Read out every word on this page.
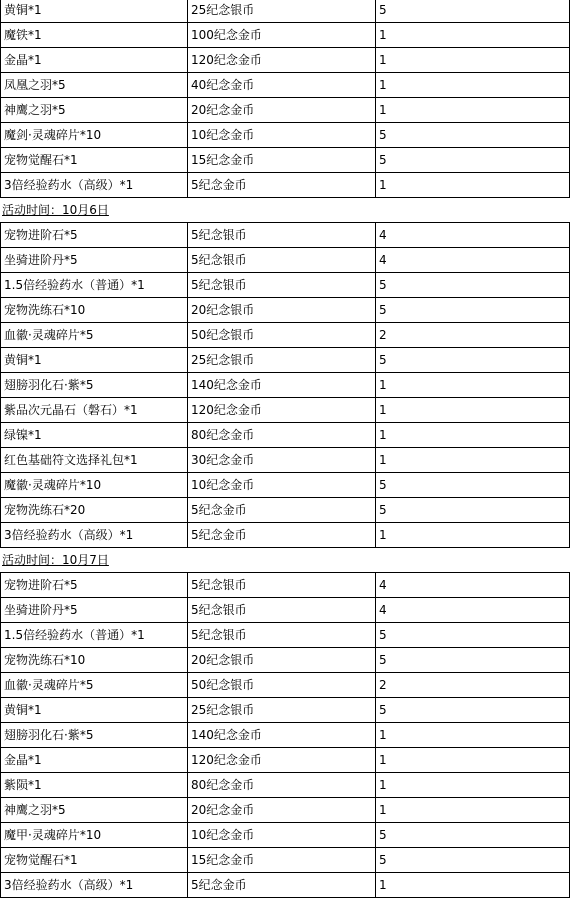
黄铜*1	25纪念银币	5
魔铁*1	100纪念金币	1
金晶*1	120纪念金币	1
凤凰之羽*5	40纪念金币	1
神鹰之羽*5	20纪念金币	1
魔剑·灵魂碎片*10	10纪念金币	5
宠物觉醒石*1	15纪念金币	5
3倍经验药水（高级）*1	5纪念金币	1
活动时间：10月6日
宠物进阶石*5	5纪念银币	4
坐骑进阶丹*5	5纪念银币	4
1.5倍经验药水（普通）*1	5纪念银币	5
宠物洗练石*10	20纪念银币	5
血徽·灵魂碎片*5	50纪念银币	2
黄铜*1	25纪念银币	5
翅膀羽化石·紫*5	140纪念金币	1
紫品次元晶石（磐石）*1	120纪念金币	1
绿镍*1	80纪念金币	1
红色基础符文选择礼包*1	30纪念金币	1
魔徽·灵魂碎片*10	10纪念金币	5
宠物洗练石*20	5纪念金币	5
3倍经验药水（高级）*1	5纪念金币	1
活动时间：10月7日
宠物进阶石*5	5纪念银币	4
坐骑进阶丹*5	5纪念银币	4
1.5倍经验药水（普通）*1	5纪念银币	5
宠物洗练石*10	20纪念银币	5
血徽·灵魂碎片*5	50纪念银币	2
黄铜*1	25纪念银币	5
翅膀羽化石·紫*5	140纪念金币	1
金晶*1	120纪念金币	1
紫陨*1	80纪念金币	1
神鹰之羽*5	20纪念金币	1
魔甲·灵魂碎片*10	10纪念金币	5
宠物觉醒石*1	15纪念金币	5
3倍经验药水（高级）*1	5纪念金币	1
